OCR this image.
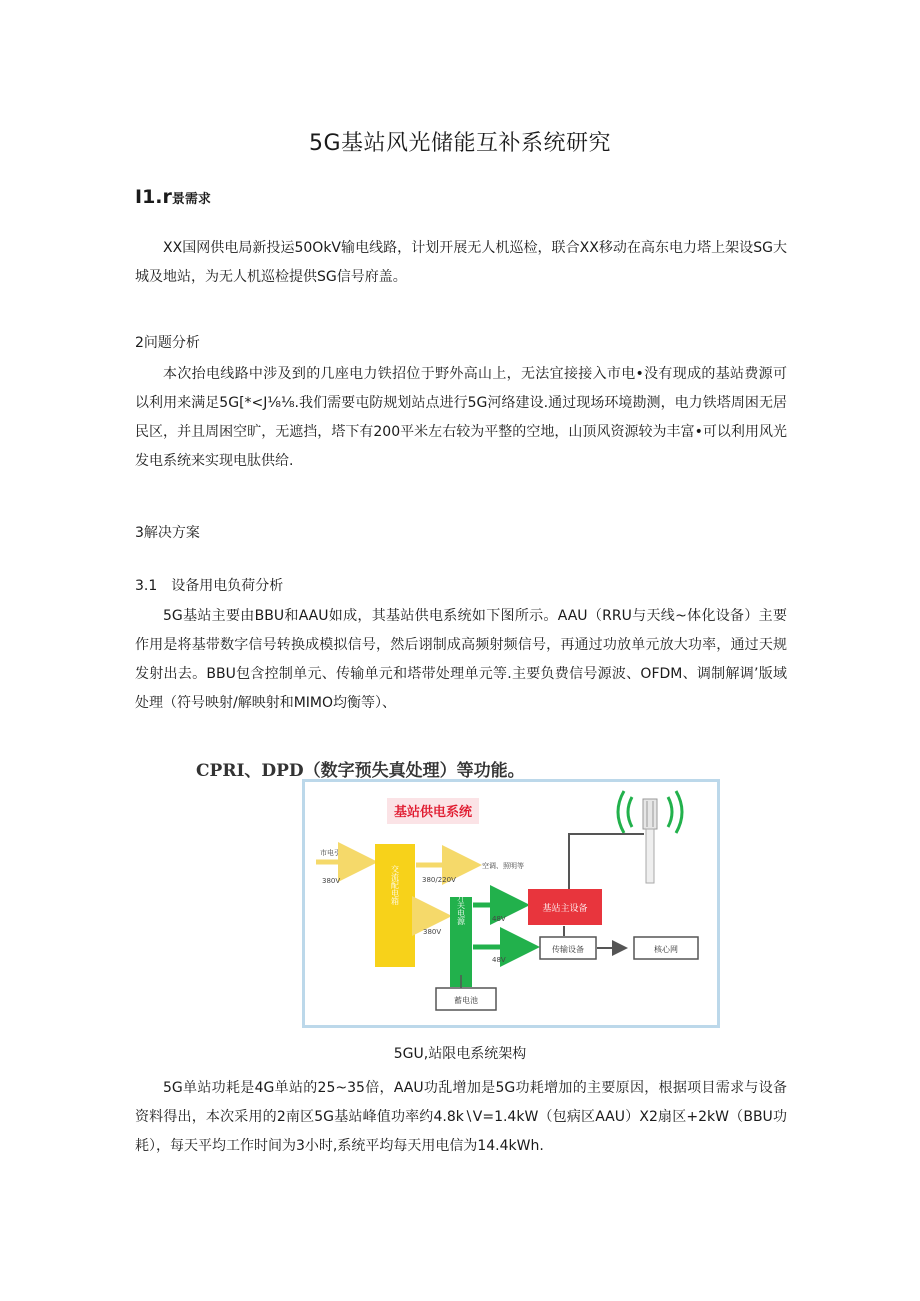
5G基站风光储能互补系统研究
I1.r景需求
XX国网供电局新投运50OkV输电线路，计划开展无人机巡检，联合XX移动在高东电力塔上架设SG大城及地站，为无人机巡检提供SG信号府盖。
2问题分析
本次抬电线路中涉及到的几座电力铁招位于野外高山上，无法宜接接入市电•没有现成的基站费源可以利用来满足5G[*<J⅛⅛.我们需要屯防规划站点进行5G河络建设.通过现场环境勘测，电力铁塔周困无居民区，并且周困空旷，无遮挡，塔下有200平米左右较为平整的空地，山顶风资源较为丰富•可以利用风光发电系统来实现电肽供给.
3解决方案
3.1　设备用电负荷分析
5G基站主要由BBU和AAU如成，其基站供电系统如下图所示。AAU（RRU与天线~体化设备）主要作用是将基带数字信号转换成模拟信号，然后诩制成高频射频信号，再通过功放单元放大功率，通过天规发射出去。BBU包含控制单元、传输单元和塔带处理单元等.主要负费信号源波、OFDM、调制解调’版域处理（符号映射/解映射和MIMO均衡等）、
CPRI、DPD（数字预失真处理）等功能。
基站供电系统
市电引入
380V	交流配电箱	空调、照明等
380/220V
380V
开关电源
蓄电池
48V
48V
基站主设备
传输设备	核心网
5GU,站限电系统架构
5G单站功耗是4G单站的25~35倍，AAU功乱增加是5G功耗增加的主要原因，根据项目需求与设备资料得出，本次采用的2南区5G基站峰值功率约4.8k∖V=1.4kW（包病区AAU）X2扇区+2kW（BBU功耗），每天平均工作时间为3小时,系统平均每天用电信为14.4kWh.
